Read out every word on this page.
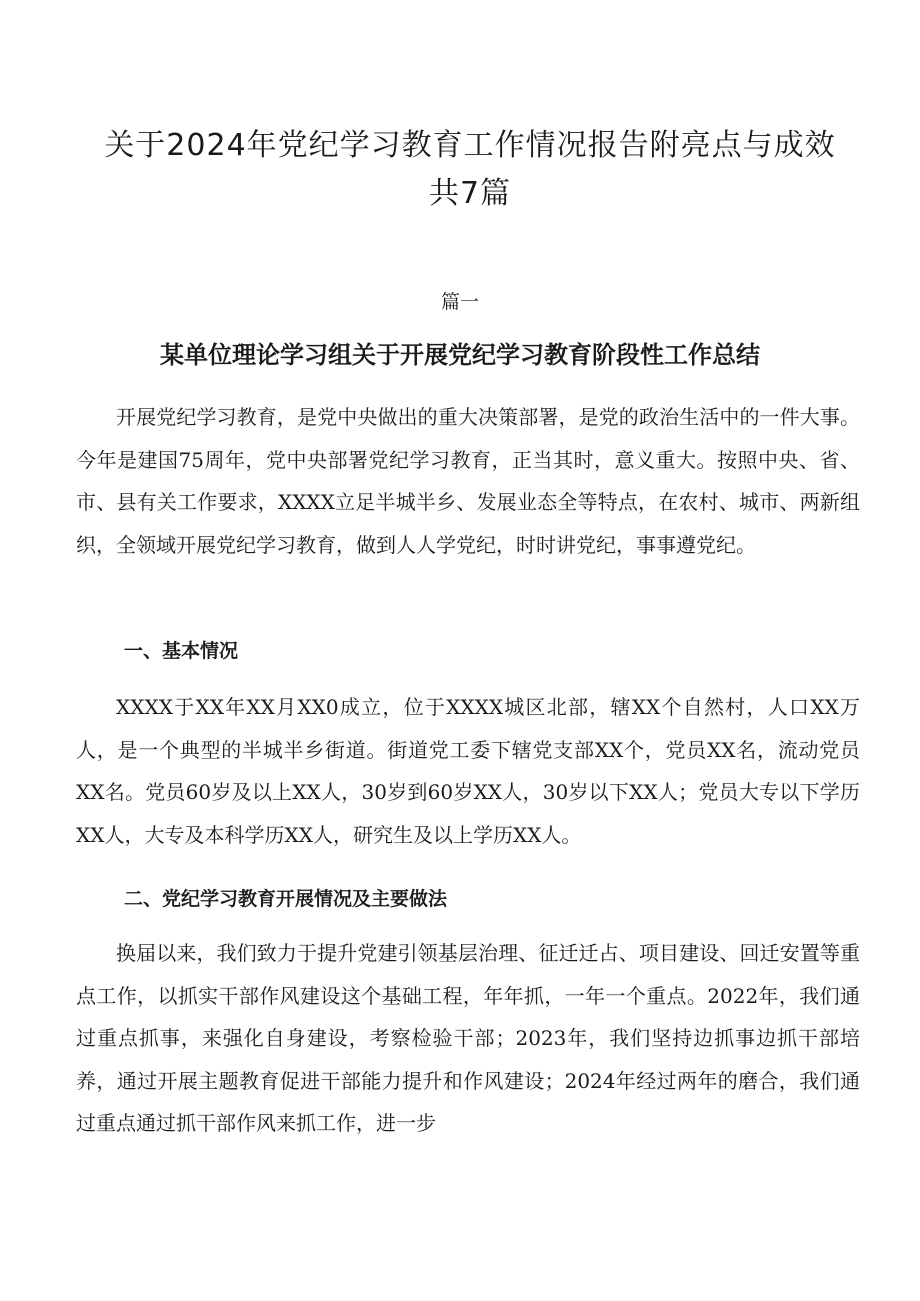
关于2024年党纪学习教育工作情况报告附亮点与成效共7篇
篇一
某单位理论学习组关于开展党纪学习教育阶段性工作总结

开展党纪学习教育，是党中央做出的重大决策部署，是党的政治生活中的一件大事。今年是建国75周年，党中央部署党纪学习教育，正当其时，意义重大。按照中央、省、市、县有关工作要求，XXXX立足半城半乡、发展业态全等特点，在农村、城市、两新组织，全领域开展党纪学习教育，做到人人学党纪，时时讲党纪，事事遵党纪。

一、基本情况

XXXX于XX年XX月XX0成立，位于XXXX城区北部，辖XX个自然村，人口XX万人，是一个典型的半城半乡街道。街道党工委下辖党支部XX个，党员XX名，流动党员XX名。党员60岁及以上XX人，30岁到60岁XX人，30岁以下XX人；党员大专以下学历XX人，大专及本科学历XX人，研究生及以上学历XX人。

二、党纪学习教育开展情况及主要做法

换届以来，我们致力于提升党建引领基层治理、征迁迁占、项目建设、回迁安置等重点工作，以抓实干部作风建设这个基础工程，年年抓，一年一个重点。2022年，我们通过重点抓事，来强化自身建设，考察检验干部；2023年，我们坚持边抓事边抓干部培养，通过开展主题教育促进干部能力提升和作风建设；2024年经过两年的磨合，我们通过重点通过抓干部作风来抓工作，进一步
